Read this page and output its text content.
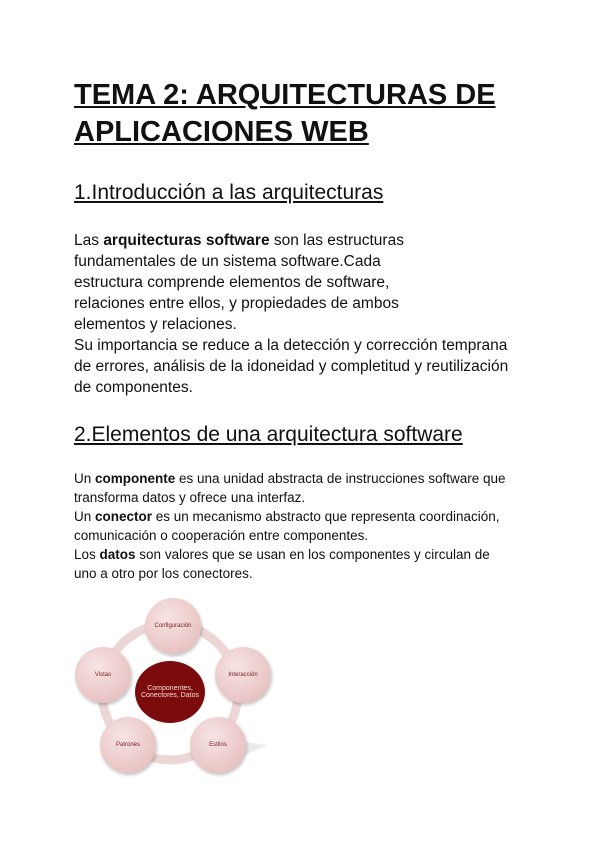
TEMA 2: ARQUITECTURAS DE
APLICACIONES WEB
1.Introducción a las arquitecturas
Las arquitecturas software son las estructuras
fundamentales de un sistema software.Cada
estructura comprende elementos de software,
relaciones entre ellos, y propiedades de ambos
elementos y relaciones.
Su importancia se reduce a la detección y corrección temprana
de errores, análisis de la idoneidad y completitud y reutilización
de componentes.
2.Elementos de una arquitectura software
Un componente es una unidad abstracta de instrucciones software que
transforma datos y ofrece una interfaz.
Un conector es un mecanismo abstracto que representa coordinación,
comunicación o cooperación entre componentes.
Los datos son valores que se usan en los componentes y circulan de
uno a otro por los conectores.
Componentes, Conectores, Datos
Configuración
Interacción
Estilos
Patrones
Vistas
